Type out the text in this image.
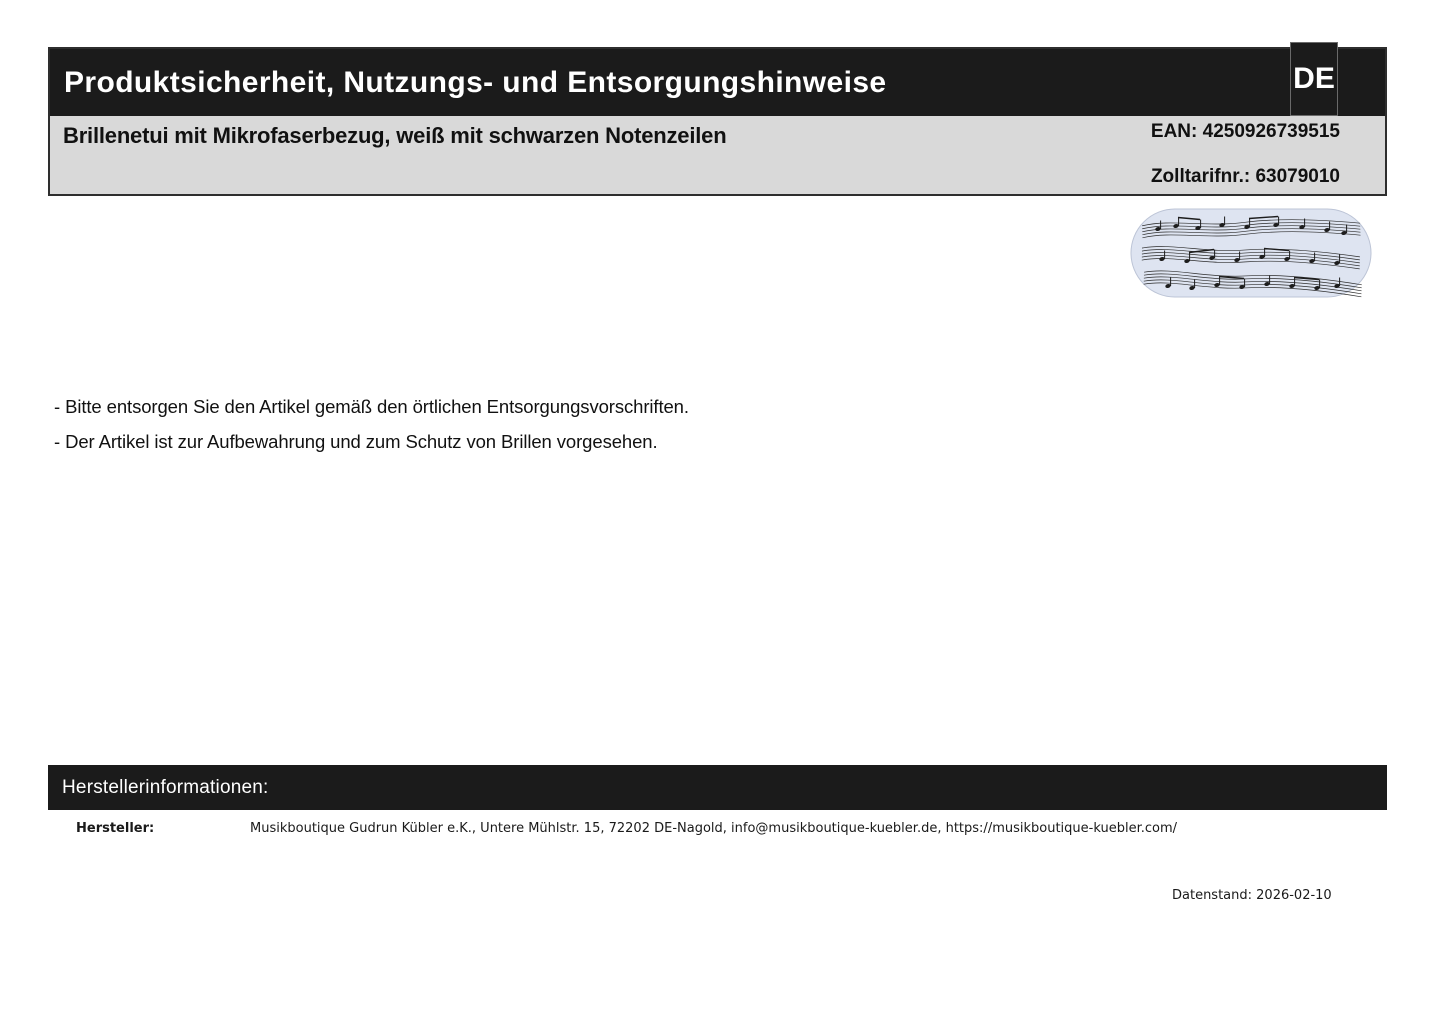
Produktsicherheit, Nutzungs- und Entsorgungshinweise	DE
Brillenetui mit Mikrofaserbezug, weiß mit schwarzen Notenzeilen	EAN: 4250926739515
Zolltarifnr.: 63079010
- Bitte entsorgen Sie den Artikel gemäß den örtlichen Entsorgungsvorschriften.
- Der Artikel ist zur Aufbewahrung und zum Schutz von Brillen vorgesehen.
Herstellerinformationen:
Hersteller:	Musikboutique Gudrun Kübler e.K., Untere Mühlstr. 15, 72202 DE-Nagold, info@musikboutique-kuebler.de, https://musikboutique-kuebler.com/
Datenstand: 2026-02-10
